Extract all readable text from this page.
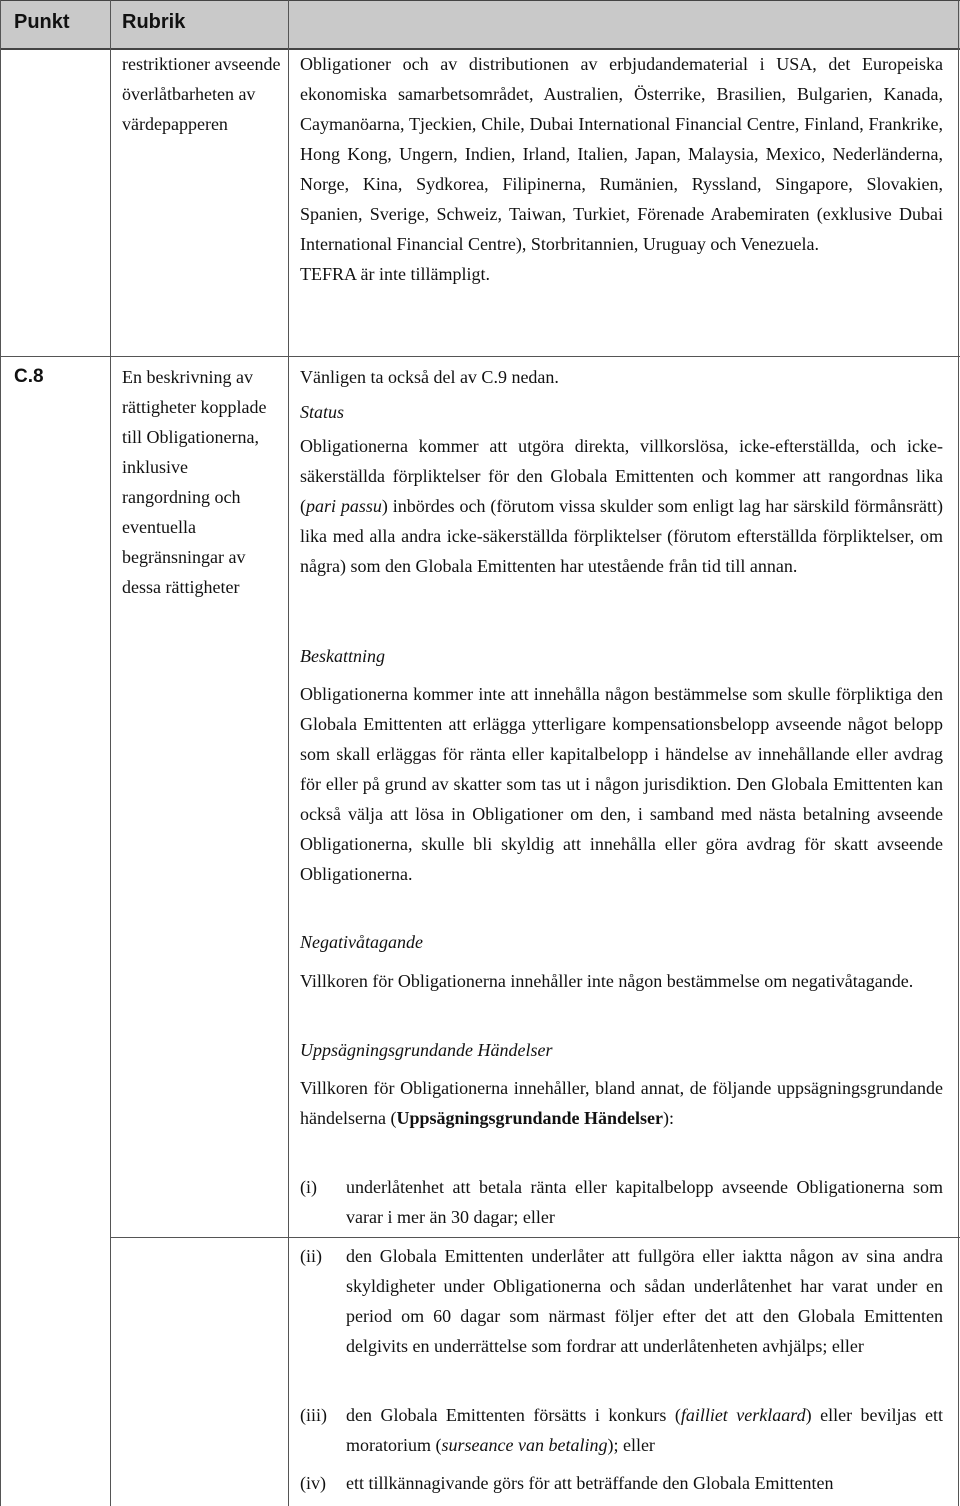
Punkt	Rubrik
restriktioner avseende överlåtbarheten av värdepapperen

Obligationer och av distributionen av erbjudandematerial i USA, det Europeiska ekonomiska samarbetsområdet, Australien, Österrike, Brasilien, Bulgarien, Kanada, Caymanöarna, Tjeckien, Chile, Dubai International Financial Centre, Finland, Frankrike, Hong Kong, Ungern, Indien, Irland, Italien, Japan, Malaysia, Mexico, Nederländerna, Norge, Kina, Sydkorea, Filipinerna, Rumänien, Ryssland, Singapore, Slovakien, Spanien, Sverige, Schweiz, Taiwan, Turkiet, Förenade Arabemiraten (exklusive Dubai International Financial Centre), Storbritannien, Uruguay och Venezuela.

TEFRA är inte tillämpligt.

C.8	En beskrivning av rättigheter kopplade till Obligationerna, inklusive rangordning och eventuella begränsningar av dessa rättigheter
Vänligen ta också del av C.9 nedan.
Status
Obligationerna kommer att utgöra direkta, villkorslösa, icke-efterställda, och icke-säkerställda förpliktelser för den Globala Emittenten och kommer att rangordnas lika (pari passu) inbördes och (förutom vissa skulder som enligt lag har särskild förmånsrätt) lika med alla andra icke-säkerställda förpliktelser (förutom efterställda förpliktelser, om några) som den Globala Emittenten har utestående från tid till annan.
Beskattning
Obligationerna kommer inte att innehålla någon bestämmelse som skulle förpliktiga den Globala Emittenten att erlägga ytterligare kompensationsbelopp avseende något belopp som skall erläggas för ränta eller kapitalbelopp i händelse av innehållande eller avdrag för eller på grund av skatter som tas ut i någon jurisdiktion. Den Globala Emittenten kan också välja att lösa in Obligationer om den, i samband med nästa betalning avseende Obligationerna, skulle bli skyldig att innehålla eller göra avdrag för skatt avseende Obligationerna.
Negativåtagande
Villkoren för Obligationerna innehåller inte någon bestämmelse om negativåtagande.
Uppsägningsgrundande Händelser
Villkoren för Obligationerna innehåller, bland annat, de följande uppsägningsgrundande händelserna (Uppsägningsgrundande Händelser):
(i) underlåtenhet att betala ränta eller kapitalbelopp avseende Obligationerna som varar i mer än 30 dagar; eller
(ii) den Globala Emittenten underlåter att fullgöra eller iaktta någon av sina andra skyldigheter under Obligationerna och sådan underlåtenhet har varat under en period om 60 dagar som närmast följer efter det att den Globala Emittenten delgivits en underrättelse som fordrar att underlåtenheten avhjälps; eller
(iii) den Globala Emittenten försätts i konkurs (failliet verklaard) eller beviljas ett moratorium (surseance van betaling); eller
(iv) ett tillkännagivande görs för att beträffande den Globala Emittenten
